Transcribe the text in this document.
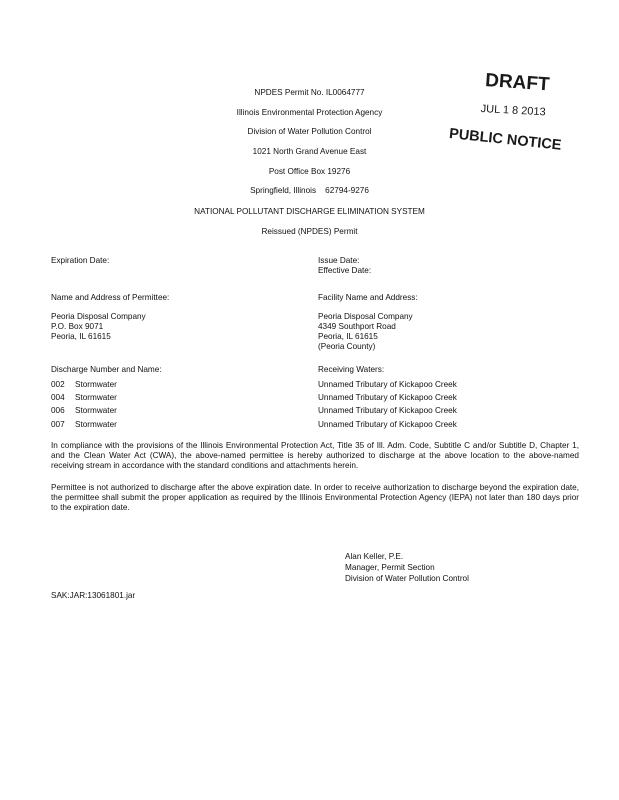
DRAFT
JUL 1 8 2013
PUBLIC NOTICE
NPDES Permit No. IL0064777
Illinois Environmental Protection Agency
Division of Water Pollution Control
1021 North Grand Avenue East
Post Office Box 19276
Springfield, Illinois    62794-9276
NATIONAL POLLUTANT DISCHARGE ELIMINATION SYSTEM
Reissued (NPDES) Permit
Expiration Date:	Issue Date:
Effective Date:
Name and Address of Permittee:
Peoria Disposal Company
P.O. Box 9071
Peoria, IL 61615
Facility Name and Address:
Peoria Disposal Company
4349 Southport Road
Peoria, IL 61615
(Peoria County)
Discharge Number and Name:	Receiving Waters:
002 Stormwater	Unnamed Tributary of Kickapoo Creek
004 Stormwater	Unnamed Tributary of Kickapoo Creek
006 Stormwater	Unnamed Tributary of Kickapoo Creek
007 Stormwater	Unnamed Tributary of Kickapoo Creek
In compliance with the provisions of the Illinois Environmental Protection Act, Title 35 of Ill. Adm. Code, Subtitle C and/or Subtitle D, Chapter 1, and the Clean Water Act (CWA), the above-named permittee is hereby authorized to discharge at the above location to the above-named receiving stream in accordance with the standard conditions and attachments herein.
Permittee is not authorized to discharge after the above expiration date. In order to receive authorization to discharge beyond the expiration date, the permittee shall submit the proper application as required by the Illinois Environmental Protection Agency (IEPA) not later than 180 days prior to the expiration date.
Alan Keller, P.E.
Manager, Permit Section
Division of Water Pollution Control
SAK:JAR:13061801.jar
